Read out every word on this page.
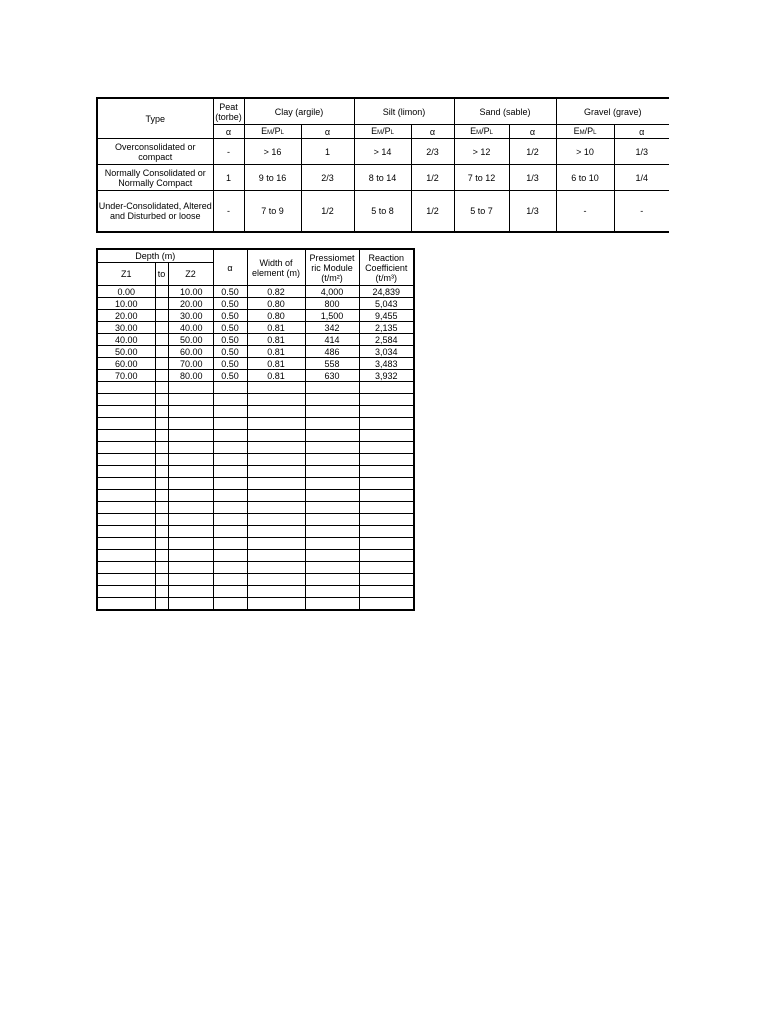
Type	Peat (torbe)	Clay (argile)		Silt (limon)		Sand (sable)		Gravel (grave)	
	α	EM/PL	α	EM/PL	α	EM/PL	α	EM/PL	α
Overconsolidated or compact	-	> 16	1	> 14	2/3	> 12	1/2	> 10	1/3
Normally Consolidated or Normally Compact	1	9 to 16	2/3	8 to 14	1/2	7 to 12	1/3	6 to 10	1/4
Under-Consolidated, Altered and Disturbed or loose	-	7 to 9	1/2	5 to 8	1/2	5 to 7	1/3	-	-
Depth (m)			α	Width of element (m)	Pressiomet ric Module (t/m²)	Reaction Coefficient (t/m³)
Z1	to	Z2				
0.00		10.00	0.50	0.82	4,000	24,839
10.00		20.00	0.50	0.80	800	5,043
20.00		30.00	0.50	0.80	1,500	9,455
30.00		40.00	0.50	0.81	342	2,135
40.00		50.00	0.50	0.81	414	2,584
50.00		60.00	0.50	0.81	486	3,034
60.00		70.00	0.50	0.81	558	3,483
70.00		80.00	0.50	0.81	630	3,932
